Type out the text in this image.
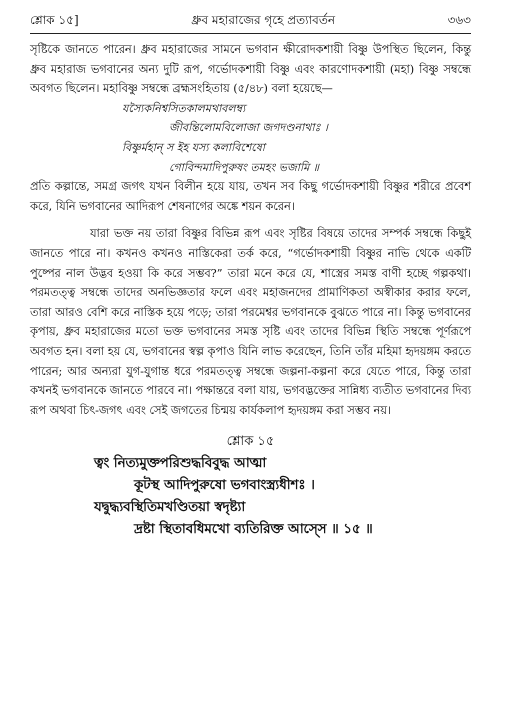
শ্লোক ১৫]	ধ্রুব মহারাজের গৃহে প্রত্যাবর্তন	৩৬৩

সৃষ্টিকে জানতে পারেন। ধ্রুব মহারাজের সামনে ভগবান ক্ষীরোদকশায়ী বিষ্ণু উপস্থিত ছিলেন, কিন্তু ধ্রুব মহারাজ ভগবানের অন্য দুটি রূপ, গর্ভোদকশায়ী বিষ্ণু এবং কারণোদকশায়ী (মহা) বিষ্ণু সম্বন্ধে অবগত ছিলেন। মহাবিষ্ণু সম্বন্ধে ব্রহ্মসংহিতায় (৫/৪৮) বলা হয়েছে—

যস্যৈকনিশ্বসিতকালমথাবলম্ব্য
জীবন্তিলোমবিলোজা জগদণ্ডনাথাঃ ।
বিষ্ণুর্মহান্ স ইহ যস্য কলাবিশেষো
গোবিন্দমাদিপুরুষং তমহং ভজামি ॥

প্রতি কল্পান্তে, সমগ্র জগৎ যখন বিলীন হয়ে যায়, তখন সব কিছু গর্ভোদকশায়ী বিষ্ণুর শরীরে প্রবেশ করে, যিনি ভগবানের আদিরূপ শেষনাগের অঙ্কে শয়ন করেন।

যারা ভক্ত নয় তারা বিষ্ণুর বিভিন্ন রূপ এবং সৃষ্টির বিষয়ে তাদের সম্পর্ক সম্বন্ধে কিছুই জানতে পারে না। কখনও কখনও নাস্তিকেরা তর্ক করে, “গর্ভোদকশায়ী বিষ্ণুর নাভি থেকে একটি পুষ্পের নাল উদ্ভব হওয়া কি করে সম্ভব?” তারা মনে করে যে, শাস্ত্রের সমস্ত বাণী হচ্ছে গল্পকথা। পরমতত্ত্ব সম্বন্ধে তাদের অনভিজ্ঞতার ফলে এবং মহাজনদের প্রামাণিকতা অস্বীকার করার ফলে, তারা আরও বেশি করে নাস্তিক হয়ে পড়ে; তারা পরমেশ্বর ভগবানকে বুঝতে পারে না। কিন্তু ভগবানের কৃপায়, ধ্রুব মহারাজের মতো ভক্ত ভগবানের সমস্ত সৃষ্টি এবং তাদের বিভিন্ন স্থিতি সম্বন্ধে পূর্ণরূপে অবগত হন। বলা হয় যে, ভগবানের স্বল্প কৃপাও যিনি লাভ করেছেন, তিনি তাঁর মহিমা হৃদয়ঙ্গম করতে পারেন; আর অন্যরা যুগ-যুগান্ত ধরে পরমতত্ত্ব সম্বন্ধে জল্পনা-কল্পনা করে যেতে পারে, কিন্তু তারা কখনই ভগবানকে জানতে পারবে না। পক্ষান্তরে বলা যায়, ভগবদ্ভক্তের সান্নিধ্য ব্যতীত ভগবানের দিব্য রূপ অথবা চিৎ-জগৎ এবং সেই জগতের চিন্ময় কার্যকলাপ হৃদয়ঙ্গম করা সম্ভব নয়।

শ্লোক ১৫
ত্বং নিত্যমুক্তপরিশুদ্ধবিবুদ্ধ আত্মা
কূটস্থ আদিপুরুষো ভগবাংস্ত্র্যধীশঃ ।
যদ্বুদ্ধ্যবস্থিতিমখণ্ডিতয়া স্বদৃষ্ট্যা
দ্রষ্টা স্থিতাবধিমখো ব্যতিরিক্ত আস্সে ॥ ১৫ ॥
